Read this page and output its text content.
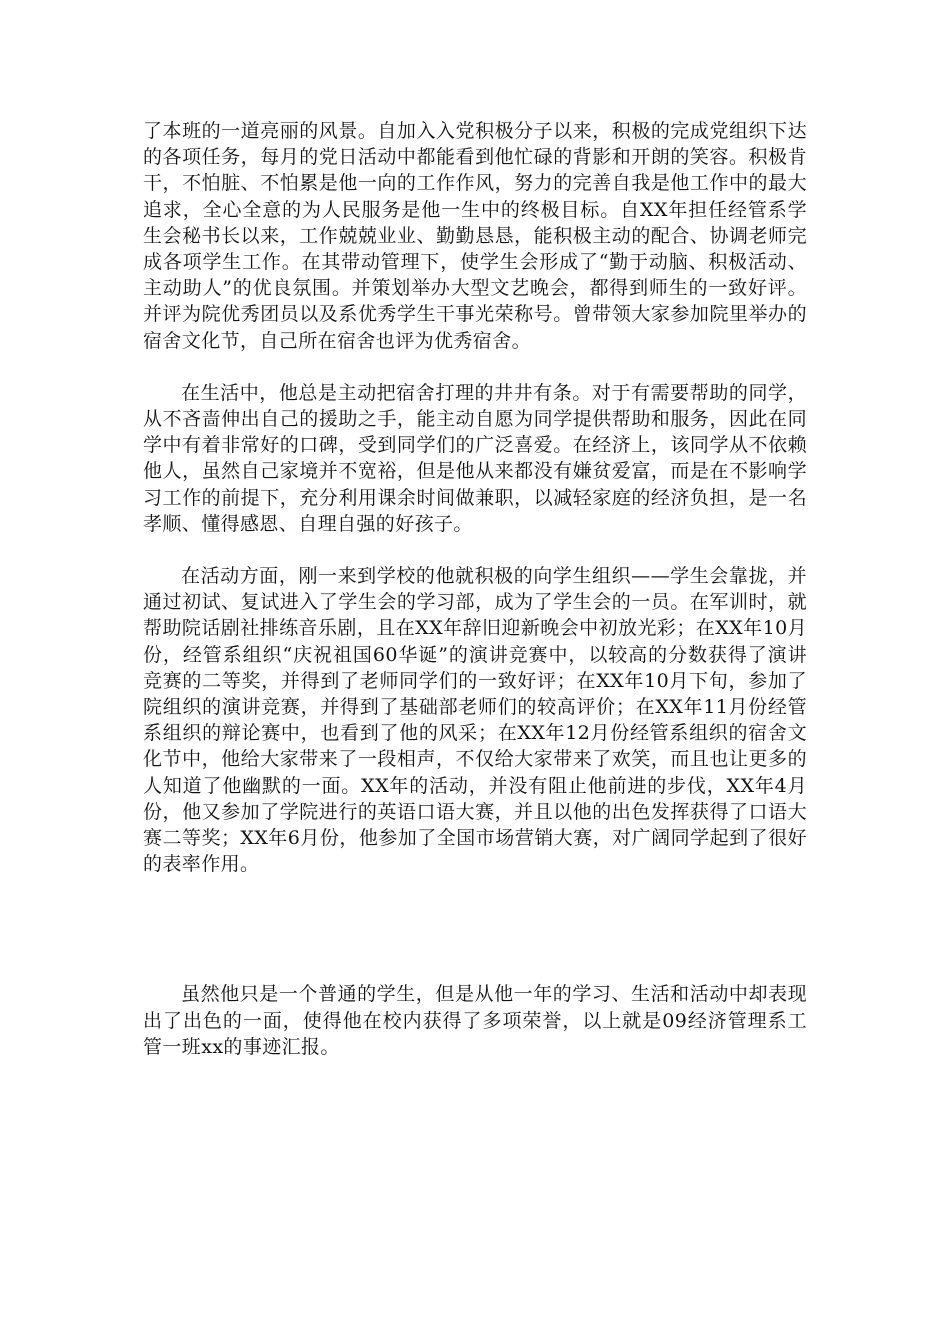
了本班的一道亮丽的风景。自加入入党积极分子以来，积极的完成党组织下达的各项任务，每月的党日活动中都能看到他忙碌的背影和开朗的笑容。积极肯干，不怕脏、不怕累是他一向的工作作风，努力的完善自我是他工作中的最大追求，全心全意的为人民服务是他一生中的终极目标。自XX年担任经管系学生会秘书长以来，工作兢兢业业、勤勤恳恳，能积极主动的配合、协调老师完成各项学生工作。在其带动管理下，使学生会形成了“勤于动脑、积极活动、主动助人”的优良氛围。并策划举办大型文艺晚会，都得到师生的一致好评。并评为院优秀团员以及系优秀学生干事光荣称号。曾带领大家参加院里举办的宿舍文化节，自己所在宿舍也评为优秀宿舍。

在生活中，他总是主动把宿舍打理的井井有条。对于有需要帮助的同学，从不吝啬伸出自己的援助之手，能主动自愿为同学提供帮助和服务，因此在同学中有着非常好的口碑，受到同学们的广泛喜爱。在经济上，该同学从不依赖他人，虽然自己家境并不宽裕，但是他从来都没有嫌贫爱富，而是在不影响学习工作的前提下，充分利用课余时间做兼职，以减轻家庭的经济负担，是一名孝顺、懂得感恩、自理自强的好孩子。

在活动方面，刚一来到学校的他就积极的向学生组织——学生会靠拢，并通过初试、复试进入了学生会的学习部，成为了学生会的一员。在军训时，就帮助院话剧社排练音乐剧，且在XX年辞旧迎新晚会中初放光彩；在XX年10月份，经管系组织“庆祝祖国60华诞”的演讲竞赛中，以较高的分数获得了演讲竞赛的二等奖，并得到了老师同学们的一致好评；在XX年10月下旬，参加了院组织的演讲竞赛，并得到了基础部老师们的较高评价；在XX年11月份经管系组织的辩论赛中，也看到了他的风采；在XX年12月份经管系组织的宿舍文化节中，他给大家带来了一段相声，不仅给大家带来了欢笑，而且也让更多的人知道了他幽默的一面。XX年的活动，并没有阻止他前进的步伐，XX年4月份，他又参加了学院进行的英语口语大赛，并且以他的出色发挥获得了口语大赛二等奖；XX年6月份，他参加了全国市场营销大赛，对广阔同学起到了很好的表率作用。

虽然他只是一个普通的学生，但是从他一年的学习、生活和活动中却表现出了出色的一面，使得他在校内获得了多项荣誉，以上就是09经济管理系工管一班xx的事迹汇报。
